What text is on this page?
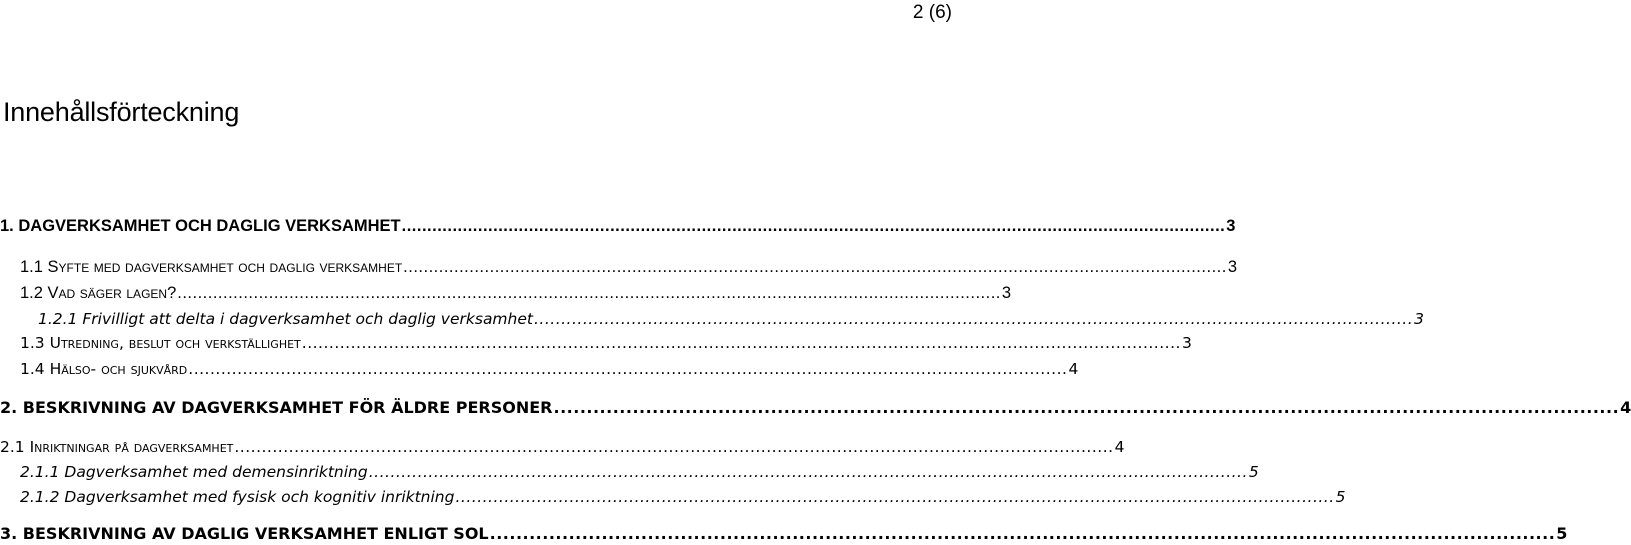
2 (6)
Innehållsförteckning
1. DAGVERKSAMHET OCH DAGLIG VERKSAMHET .................................................................................................................................................................. 3
1.1 Syfte med dagverksamhet och daglig verksamhet .................................................................................................................................................................. 3
1.2 Vad säger lagen? .................................................................................................................................................................. 3
1.2.1 Frivilligt att delta i dagverksamhet och daglig verksamhet .................................................................................................................................................................. 3
1.3 Utredning, beslut och verkställighet .................................................................................................................................................................. 3
1.4 Hälso- och sjukvård .................................................................................................................................................................. 4
2. BESKRIVNING AV DAGVERKSAMHET FÖR ÄLDRE PERSONER .................................................................................................................................................................. 4
2.1 Inriktningar på dagverksamhet .................................................................................................................................................................. 4
2.1.1 Dagverksamhet med demensinriktning .................................................................................................................................................................. 5
2.1.2 Dagverksamhet med fysisk och kognitiv inriktning .................................................................................................................................................................. 5
3. BESKRIVNING AV DAGLIG VERKSAMHET ENLIGT SOL .................................................................................................................................................................. 5
